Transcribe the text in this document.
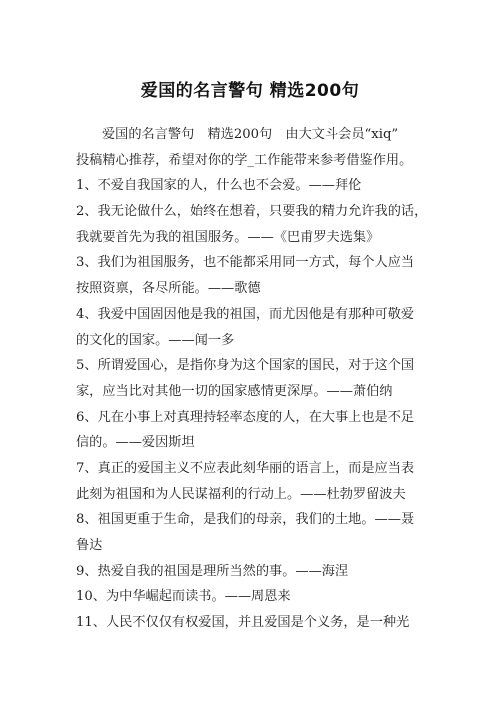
爱国的名言警句 精选200句
爱国的名言警句　精选200句　由大文斗会员“xiq”
投稿精心推荐，希望对你的学_工作能带来参考借鉴作用。
1、不爱自我国家的人，什么也不会爱。——拜伦
2、我无论做什么，始终在想着，只要我的精力允许我的话，
我就要首先为我的祖国服务。——《巴甫罗夫选集》
3、我们为祖国服务，也不能都采用同一方式，每个人应当
按照资禀，各尽所能。——歌德
4、我爱中国固因他是我的祖国，而尤因他是有那种可敬爱
的文化的国家。——闻一多
5、所谓爱国心，是指你身为这个国家的国民，对于这个国
家，应当比对其他一切的国家感情更深厚。——萧伯纳
6、凡在小事上对真理持轻率态度的人，在大事上也是不足
信的。——爱因斯坦
7、真正的爱国主义不应表此刻华丽的语言上，而是应当表
此刻为祖国和为人民谋福利的行动上。——杜勃罗留波夫
8、祖国更重于生命，是我们的母亲，我们的土地。——聂
鲁达
9、热爱自我的祖国是理所当然的事。——海涅
10、为中华崛起而读书。——周恩来
11、人民不仅仅有权爱国，并且爱国是个义务，是一种光
